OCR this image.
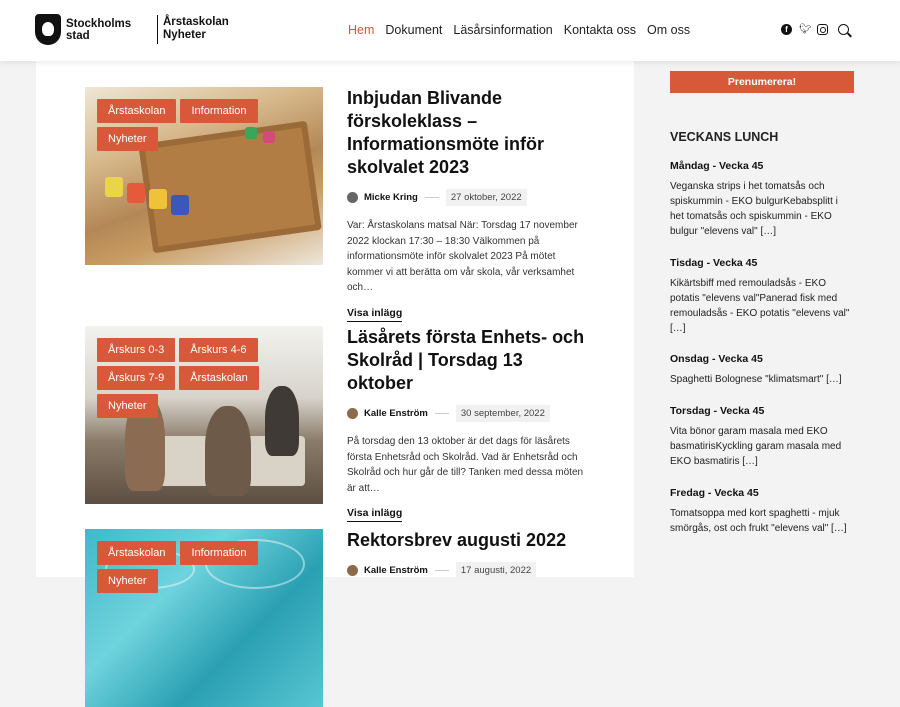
Stockholms stad
Årstaskolan
Nyheter	Hem Dokument Läsårsinformation Kontakta oss Om oss	f	🐦︎
Årstaskolan	Information
Nyheter
Inbjudan Blivande förskoleklass – Informationsmöte inför skolvalet 2023
Micke Kring	27 oktober, 2022
Var: Årstaskolans matsal När: Torsdag 17 november 2022 klockan 17:30 – 18:30 Välkommen på informationsmöte inför skolvalet 2023 På mötet kommer vi att berätta om vår skola, vår verksamhet och…
Visa inlägg
Årskurs 0-3	Årskurs 4-6
Årskurs 7-9	Årstaskolan
Nyheter
Läsårets första Enhets- och Skolråd | Torsdag 13 oktober
Kalle Enström	30 september, 2022
På torsdag den 13 oktober är det dags för läsårets första Enhetsråd och Skolråd. Vad är Enhetsråd och Skolråd och hur går de till? Tanken med dessa möten är att…
Visa inlägg
Årstaskolan	Information
Nyheter
Rektorsbrev augusti 2022
Kalle Enström	17 augusti, 2022
Prenumerera!
VECKANS LUNCH
Måndag - Vecka 45
Veganska strips i het tomatsås och spiskummin - EKO bulgurKebabsplitt i het tomatsås och spiskummin - EKO bulgur "elevens val" […]
Tisdag - Vecka 45
Kikärtsbiff med remouladsås - EKO potatis "elevens val"Panerad fisk med remouladsås - EKO potatis "elevens val" […]
Onsdag - Vecka 45
Spaghetti Bolognese "klimatsmart" […]
Torsdag - Vecka 45
Vita bönor garam masala med EKO basmatirisKyckling garam masala med EKO basmatiris […]
Fredag - Vecka 45
Tomatsoppa med kort spaghetti - mjuk smörgås, ost och frukt "elevens val" […]
